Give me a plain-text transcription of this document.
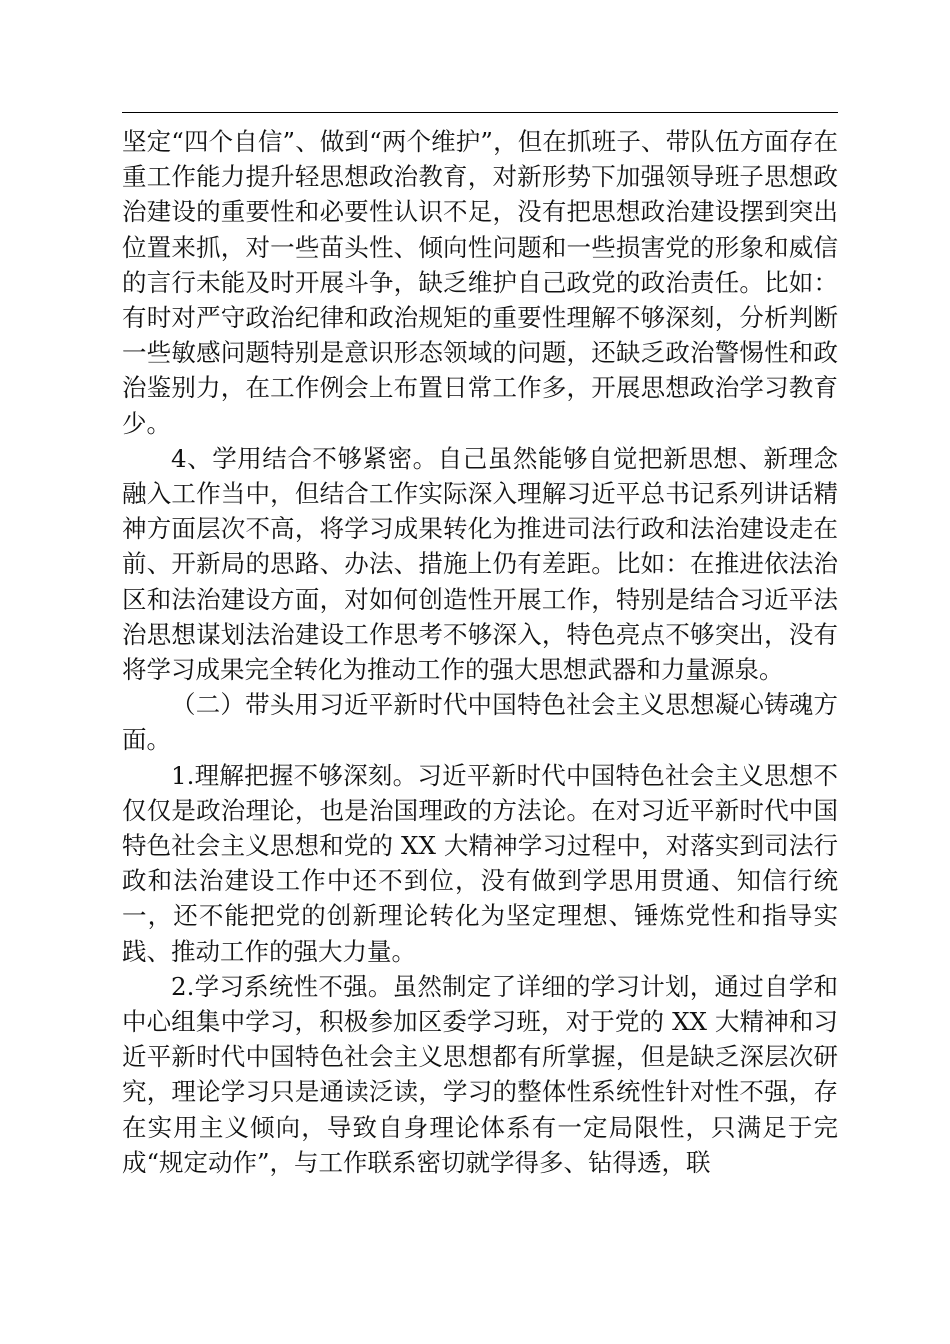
坚定“四个自信”、做到“两个维护”，但在抓班子、带队伍方面存在重工作能力提升轻思想政治教育，对新形势下加强领导班子思想政治建设的重要性和必要性认识不足，没有把思想政治建设摆到突出位置来抓，对一些苗头性、倾向性问题和一些损害党的形象和威信的言行未能及时开展斗争，缺乏维护自己政党的政治责任。比如：有时对严守政治纪律和政治规矩的重要性理解不够深刻，分析判断一些敏感问题特别是意识形态领域的问题，还缺乏政治警惕性和政治鉴别力，在工作例会上布置日常工作多，开展思想政治学习教育少。

4、学用结合不够紧密。自己虽然能够自觉把新思想、新理念融入工作当中，但结合工作实际深入理解习近平总书记系列讲话精神方面层次不高，将学习成果转化为推进司法行政和法治建设走在前、开新局的思路、办法、措施上仍有差距。比如：在推进依法治区和法治建设方面，对如何创造性开展工作，特别是结合习近平法治思想谋划法治建设工作思考不够深入，特色亮点不够突出，没有将学习成果完全转化为推动工作的强大思想武器和力量源泉。

（二）带头用习近平新时代中国特色社会主义思想凝心铸魂方面。

1.理解把握不够深刻。习近平新时代中国特色社会主义思想不仅仅是政治理论，也是治国理政的方法论。在对习近平新时代中国特色社会主义思想和党的 XX 大精神学习过程中，对落实到司法行政和法治建设工作中还不到位，没有做到学思用贯通、知信行统一，还不能把党的创新理论转化为坚定理想、锤炼党性和指导实践、推动工作的强大力量。

2.学习系统性不强。虽然制定了详细的学习计划，通过自学和中心组集中学习，积极参加区委学习班，对于党的 XX 大精神和习近平新时代中国特色社会主义思想都有所掌握，但是缺乏深层次研究，理论学习只是通读泛读，学习的整体性系统性针对性不强，存在实用主义倾向，导致自身理论体系有一定局限性，只满足于完成“规定动作”，与工作联系密切就学得多、钻得透，联
